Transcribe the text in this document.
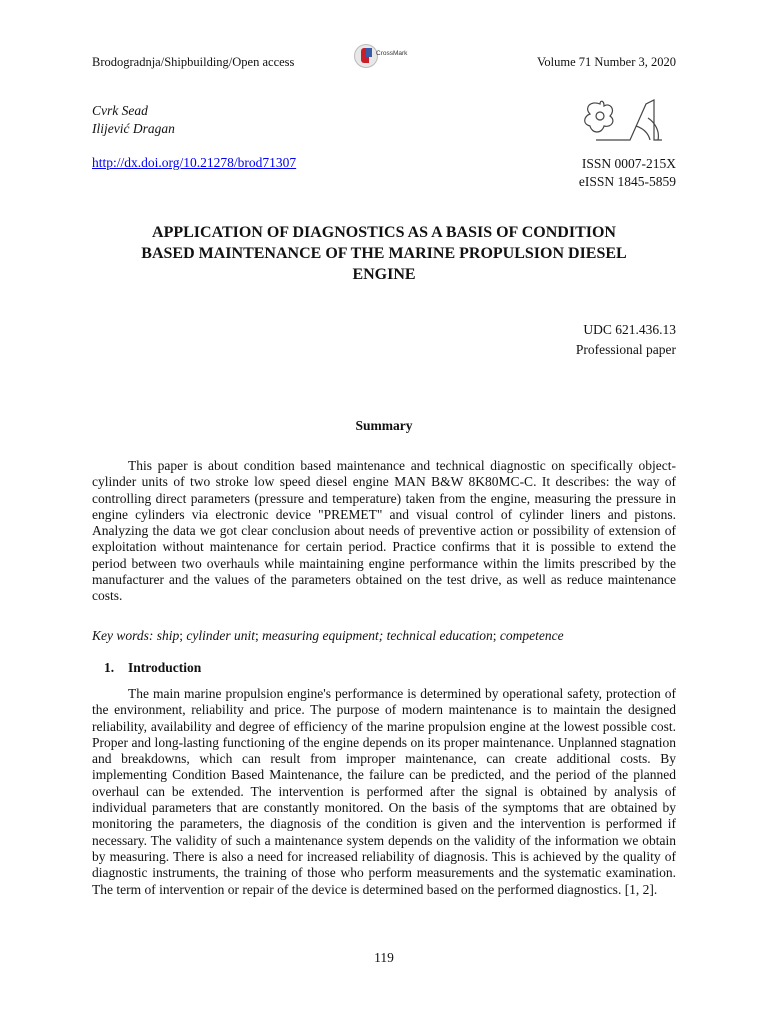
Brodogradnja/Shipbuilding/Open access
CrossMark
Volume 71 Number 3, 2020
Cvrk Sead
Ilijević Dragan
http://dx.doi.org/10.21278/brod71307	ISSN 0007-215X
eISSN 1845-5859
APPLICATION OF DIAGNOSTICS AS A BASIS OF CONDITION
BASED MAINTENANCE OF THE MARINE PROPULSION DIESEL
ENGINE
UDC 621.436.13
Professional paper
Summary

This paper is about condition based maintenance and technical diagnostic on specifically object-cylinder units of two stroke low speed diesel engine MAN B&W 8K80MC-C. It describes: the way of controlling direct parameters (pressure and temperature) taken from the engine, measuring the pressure in engine cylinders via electronic device "PREMET" and visual control of cylinder liners and pistons. Analyzing the data we got clear conclusion about needs of preventive action or possibility of extension of exploitation without maintenance for certain period. Practice confirms that it is possible to extend the period between two overhauls while maintaining engine performance within the limits prescribed by the manufacturer and the values of the parameters obtained on the test drive, as well as reduce maintenance costs.

Key words: ship; cylinder unit; measuring equipment; technical education; competence
1. Introduction

The main marine propulsion engine's performance is determined by operational safety, protection of the environment, reliability and price. The purpose of modern maintenance is to maintain the designed reliability, availability and degree of efficiency of the marine propulsion engine at the lowest possible cost. Proper and long-lasting functioning of the engine depends on its proper maintenance. Unplanned stagnation and breakdowns, which can result from improper maintenance, can create additional costs. By implementing Condition Based Maintenance, the failure can be predicted, and the period of the planned overhaul can be extended. The intervention is performed after the signal is obtained by analysis of individual parameters that are constantly monitored. On the basis of the symptoms that are obtained by monitoring the parameters, the diagnosis of the condition is given and the intervention is performed if necessary. The validity of such a maintenance system depends on the validity of the information we obtain by measuring. There is also a need for increased reliability of diagnosis. This is achieved by the quality of diagnostic instruments, the training of those who perform measurements and the systematic examination. The term of intervention or repair of the device is determined based on the performed diagnostics. [1, 2].

119
